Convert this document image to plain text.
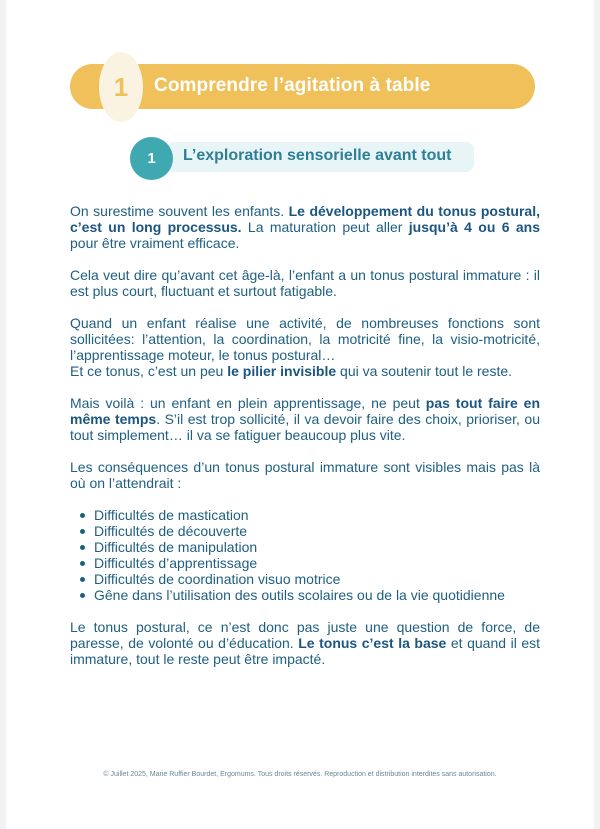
1	Comprendre l’agitation à table
1	L’exploration sensorielle avant tout

On surestime souvent les enfants. Le développement du tonus postural, c’est un long processus. La maturation peut aller jusqu’à 4 ou 6 ans pour être vraiment efficace.

Cela veut dire qu’avant cet âge-là, l’enfant a un tonus postural immature : il est plus court, fluctuant et surtout fatigable.

Quand un enfant réalise une activité, de nombreuses fonctions sont sollicitées: l’attention, la coordination, la motricité fine, la visio-motricité, l’apprentissage moteur, le tonus postural…
Et ce tonus, c’est un peu le pilier invisible qui va soutenir tout le reste.

Mais voilà : un enfant en plein apprentissage, ne peut pas tout faire en même temps. S’il est trop sollicité, il va devoir faire des choix, prioriser, ou tout simplement… il va se fatiguer beaucoup plus vite.

Les conséquences d’un tonus postural immature sont visibles mais pas là où on l’attendrait :

Difficultés de mastication
Difficultés de découverte
Difficultés de manipulation
Difficultés d’apprentissage
Difficultés de coordination visuo motrice
Gêne dans l’utilisation des outils scolaires ou de la vie quotidienne

Le tonus postural, ce n’est donc pas juste une question de force, de paresse, de volonté ou d’éducation. Le tonus c’est la base et quand il est immature, tout le reste peut être impacté.

© Juillet 2025, Marie Ruffier Bourdet, Ergomums. Tous droits réservés. Reproduction et distribution interdites sans autorisation.
